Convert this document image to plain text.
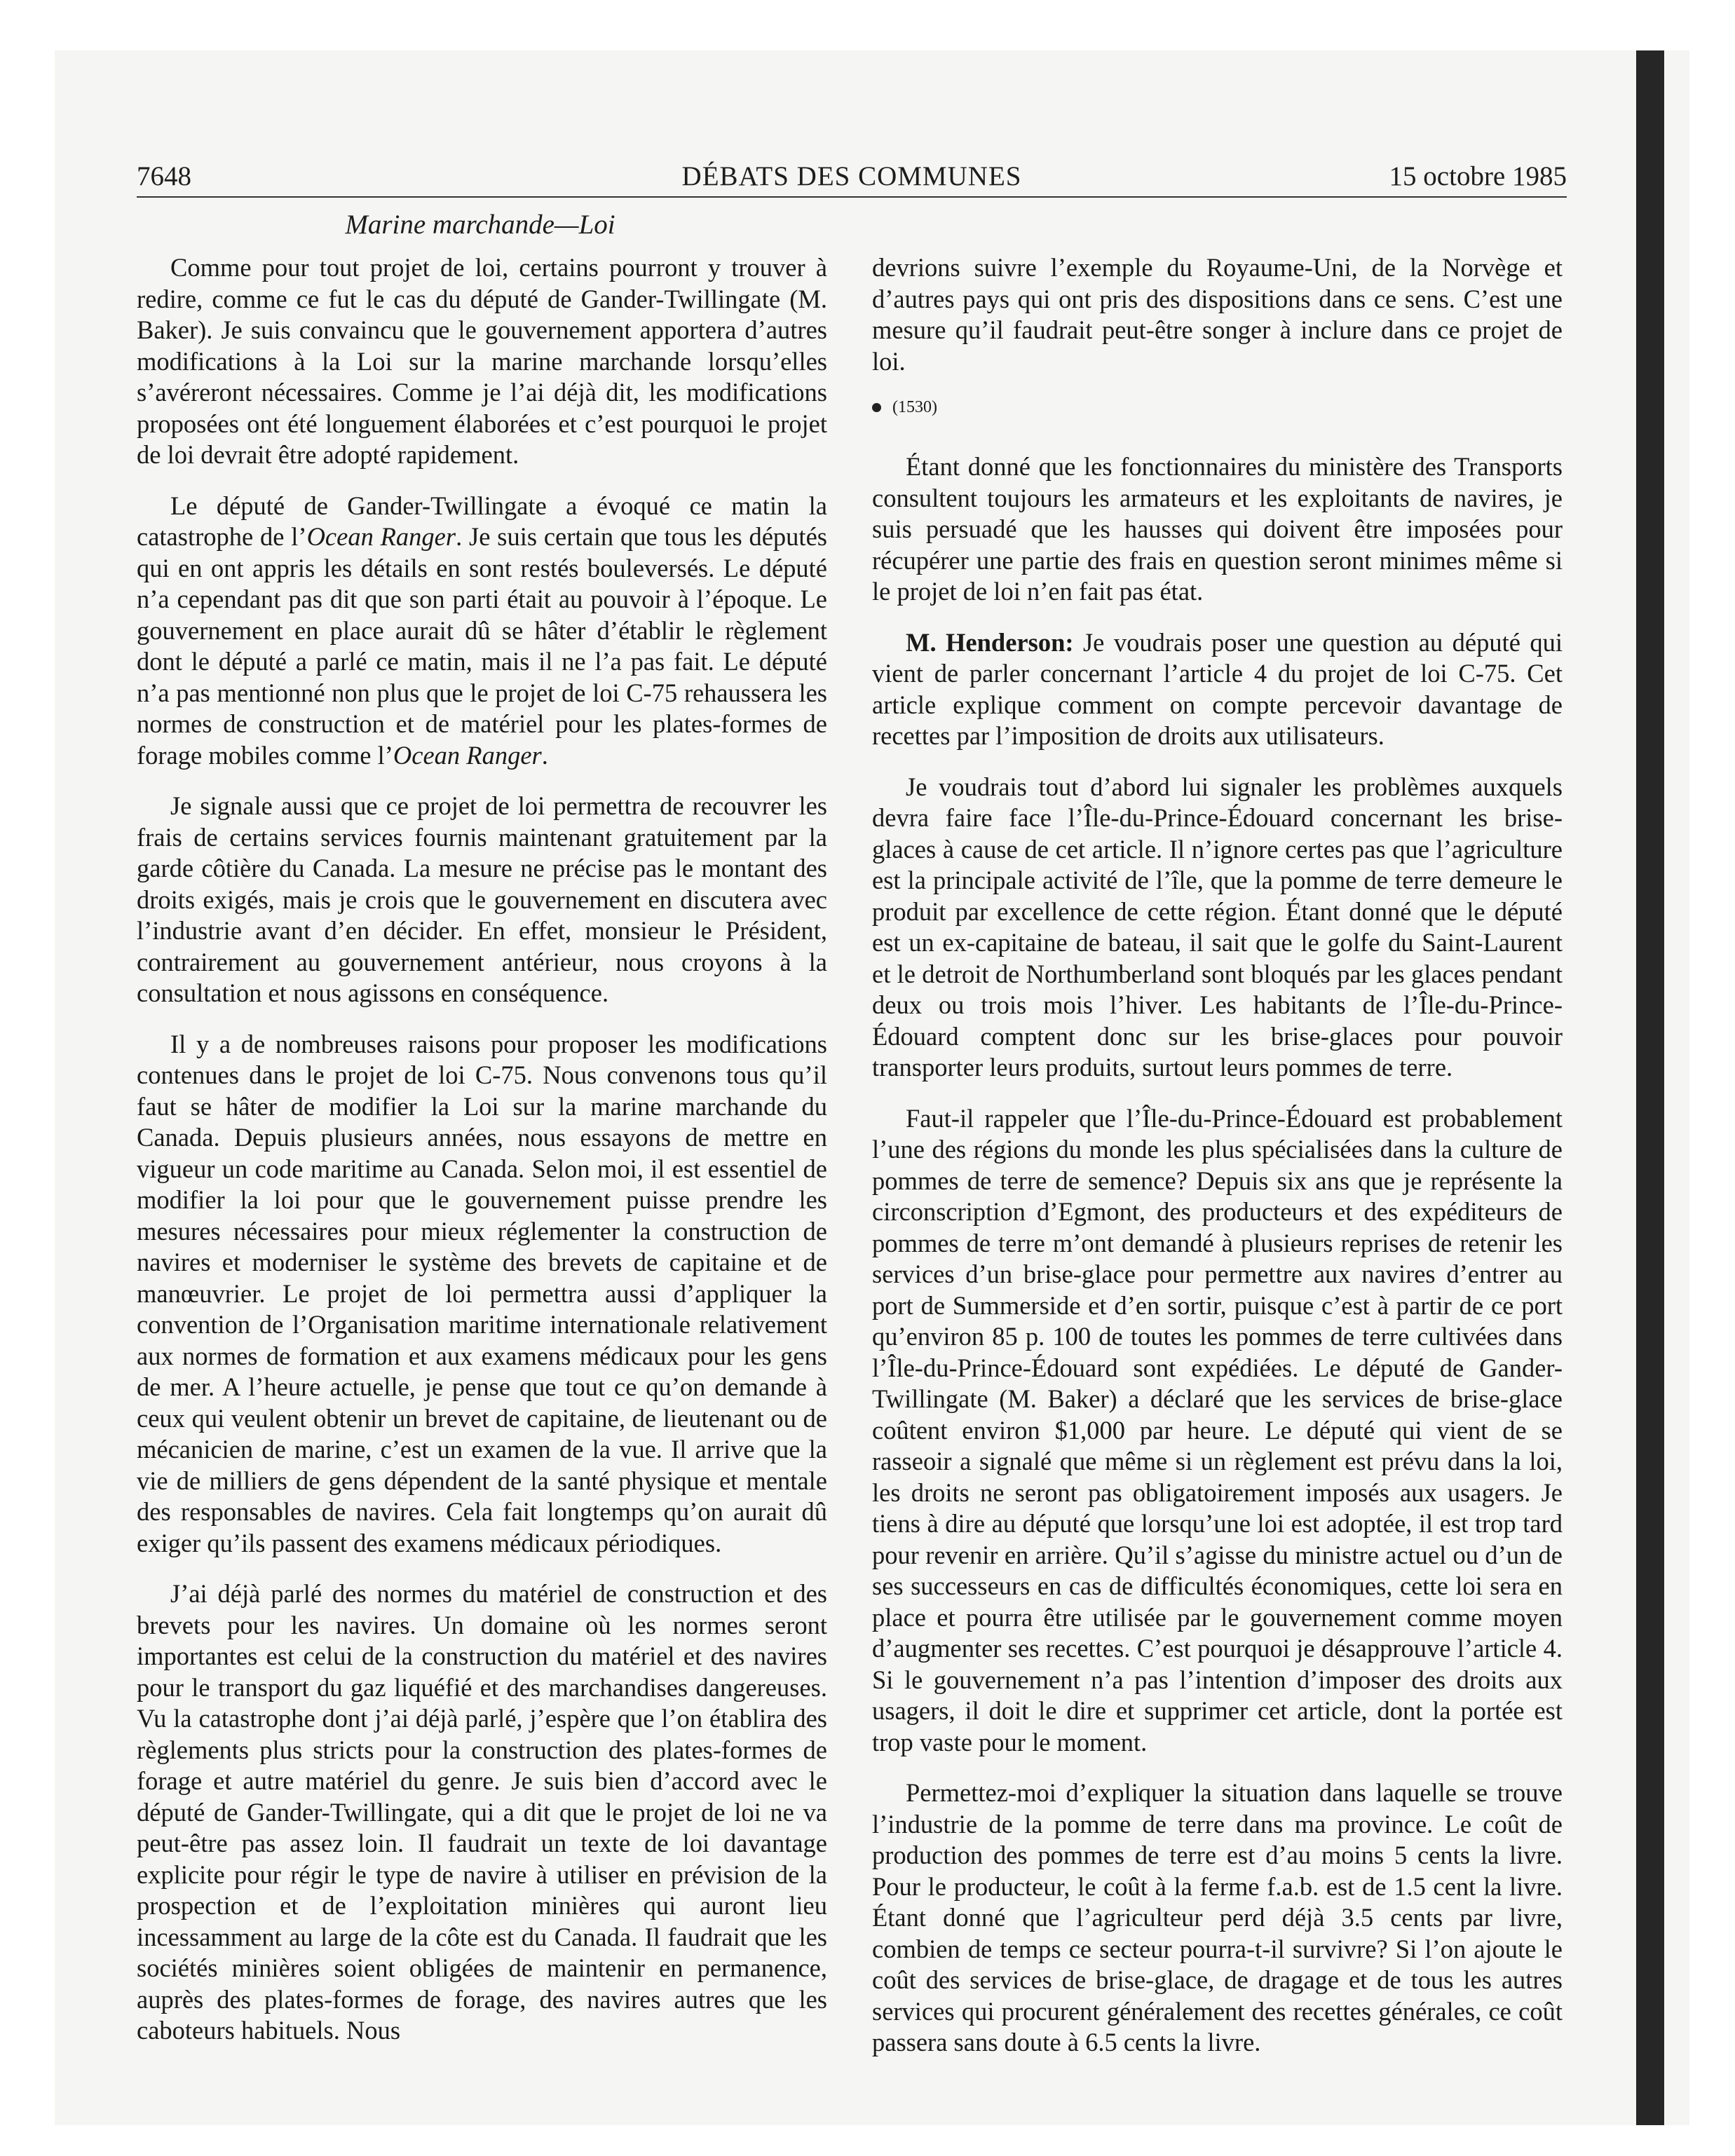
7648	DÉBATS DES COMMUNES	15 octobre 1985
Marine marchande—Loi

Comme pour tout projet de loi, certains pourront y trouver à redire, comme ce fut le cas du député de Gander-Twillingate (M. Baker). Je suis convaincu que le gouvernement apportera d’autres modifications à la Loi sur la marine marchande lorsqu’elles s’avéreront nécessaires. Comme je l’ai déjà dit, les modifications proposées ont été longuement élaborées et c’est pourquoi le projet de loi devrait être adopté rapidement.

Le député de Gander-Twillingate a évoqué ce matin la catastrophe de l’Ocean Ranger. Je suis certain que tous les députés qui en ont appris les détails en sont restés bouleversés. Le député n’a cependant pas dit que son parti était au pouvoir à l’époque. Le gouvernement en place aurait dû se hâter d’établir le règlement dont le député a parlé ce matin, mais il ne l’a pas fait. Le député n’a pas mentionné non plus que le projet de loi C-75 rehaussera les normes de construction et de matériel pour les plates-formes de forage mobiles comme l’Ocean Ranger.

Je signale aussi que ce projet de loi permettra de recouvrer les frais de certains services fournis maintenant gratuitement par la garde côtière du Canada. La mesure ne précise pas le montant des droits exigés, mais je crois que le gouvernement en discutera avec l’industrie avant d’en décider. En effet, monsieur le Président, contrairement au gouvernement antérieur, nous croyons à la consultation et nous agissons en conséquence.

Il y a de nombreuses raisons pour proposer les modifications contenues dans le projet de loi C-75. Nous convenons tous qu’il faut se hâter de modifier la Loi sur la marine marchande du Canada. Depuis plusieurs années, nous essayons de mettre en vigueur un code maritime au Canada. Selon moi, il est essentiel de modifier la loi pour que le gouvernement puisse prendre les mesures nécessaires pour mieux réglementer la construction de navires et moderniser le système des brevets de capitaine et de manœuvrier. Le projet de loi permettra aussi d’appliquer la convention de l’Organisation maritime internationale relativement aux normes de formation et aux examens médicaux pour les gens de mer. A l’heure actuelle, je pense que tout ce qu’on demande à ceux qui veulent obtenir un brevet de capitaine, de lieutenant ou de mécanicien de marine, c’est un examen de la vue. Il arrive que la vie de milliers de gens dépendent de la santé physique et mentale des responsables de navires. Cela fait longtemps qu’on aurait dû exiger qu’ils passent des examens médicaux périodiques.

J’ai déjà parlé des normes du matériel de construction et des brevets pour les navires. Un domaine où les normes seront importantes est celui de la construction du matériel et des navires pour le transport du gaz liquéfié et des marchandises dangereuses. Vu la catastrophe dont j’ai déjà parlé, j’espère que l’on établira des règlements plus stricts pour la construction des plates-formes de forage et autre matériel du genre. Je suis bien d’accord avec le député de Gander-Twillingate, qui a dit que le projet de loi ne va peut-être pas assez loin. Il faudrait un texte de loi davantage explicite pour régir le type de navire à utiliser en prévision de la prospection et de l’exploitation minières qui auront lieu incessamment au large de la côte est du Canada. Il faudrait que les sociétés minières soient obligées de maintenir en permanence, auprès des plates-formes de forage, des navires autres que les caboteurs habituels. Nous

devrions suivre l’exemple du Royaume-Uni, de la Norvège et d’autres pays qui ont pris des dispositions dans ce sens. C’est une mesure qu’il faudrait peut-être songer à inclure dans ce projet de loi.

(1530)

Étant donné que les fonctionnaires du ministère des Transports consultent toujours les armateurs et les exploitants de navires, je suis persuadé que les hausses qui doivent être imposées pour récupérer une partie des frais en question seront minimes même si le projet de loi n’en fait pas état.

M. Henderson: Je voudrais poser une question au député qui vient de parler concernant l’article 4 du projet de loi C-75. Cet article explique comment on compte percevoir davantage de recettes par l’imposition de droits aux utilisateurs.

Je voudrais tout d’abord lui signaler les problèmes auxquels devra faire face l’Île-du-Prince-Édouard concernant les brise-glaces à cause de cet article. Il n’ignore certes pas que l’agriculture est la principale activité de l’île, que la pomme de terre demeure le produit par excellence de cette région. Étant donné que le député est un ex-capitaine de bateau, il sait que le golfe du Saint-Laurent et le detroit de Northumberland sont bloqués par les glaces pendant deux ou trois mois l’hiver. Les habitants de l’Île-du-Prince-Édouard comptent donc sur les brise-glaces pour pouvoir transporter leurs produits, surtout leurs pommes de terre.

Faut-il rappeler que l’Île-du-Prince-Édouard est probablement l’une des régions du monde les plus spécialisées dans la culture de pommes de terre de semence? Depuis six ans que je représente la circonscription d’Egmont, des producteurs et des expéditeurs de pommes de terre m’ont demandé à plusieurs reprises de retenir les services d’un brise-glace pour permettre aux navires d’entrer au port de Summerside et d’en sortir, puisque c’est à partir de ce port qu’environ 85 p. 100 de toutes les pommes de terre cultivées dans l’Île-du-Prince-Édouard sont expédiées. Le député de Gander-Twillingate (M. Baker) a déclaré que les services de brise-glace coûtent environ $1,000 par heure. Le député qui vient de se rasseoir a signalé que même si un règlement est prévu dans la loi, les droits ne seront pas obligatoirement imposés aux usagers. Je tiens à dire au député que lorsqu’une loi est adoptée, il est trop tard pour revenir en arrière. Qu’il s’agisse du ministre actuel ou d’un de ses successeurs en cas de difficultés économiques, cette loi sera en place et pourra être utilisée par le gouvernement comme moyen d’augmenter ses recettes. C’est pourquoi je désapprouve l’article 4. Si le gouvernement n’a pas l’intention d’imposer des droits aux usagers, il doit le dire et supprimer cet article, dont la portée est trop vaste pour le moment.

Permettez-moi d’expliquer la situation dans laquelle se trouve l’industrie de la pomme de terre dans ma province. Le coût de production des pommes de terre est d’au moins 5 cents la livre. Pour le producteur, le coût à la ferme f.a.b. est de 1.5 cent la livre. Étant donné que l’agriculteur perd déjà 3.5 cents par livre, combien de temps ce secteur pourra-t-il survivre? Si l’on ajoute le coût des services de brise-glace, de dragage et de tous les autres services qui procurent généralement des recettes générales, ce coût passera sans doute à 6.5 cents la livre.
